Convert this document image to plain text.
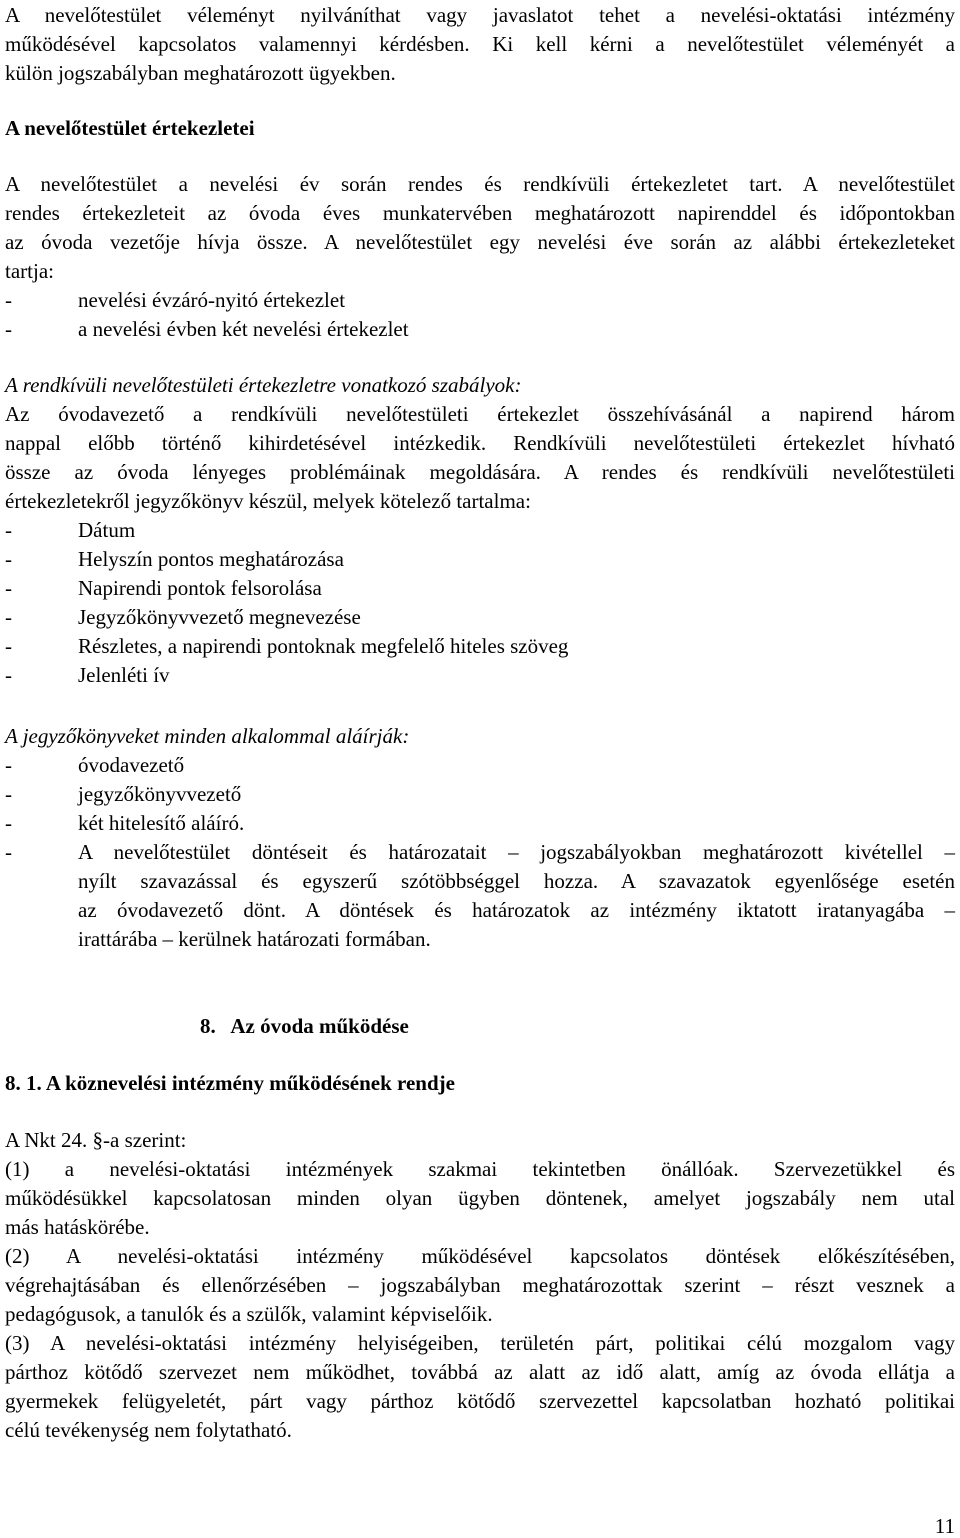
A nevelőtestület véleményt nyilváníthat vagy javaslatot tehet a nevelési-oktatási intézmény

működésével kapcsolatos valamennyi kérdésben. Ki kell kérni a nevelőtestület véleményét a

külön jogszabályban meghatározott ügyekben.

A nevelőtestület értekezletei

A nevelőtestület a nevelési év során rendes és rendkívüli értekezletet tart. A nevelőtestület

rendes értekezleteit az óvoda éves munkatervében meghatározott napirenddel és időpontokban

az óvoda vezetője hívja össze. A nevelőtestület egy nevelési éve során az alábbi értekezleteket

tartja:

- nevelési évzáró-nyitó értekezlet

- a nevelési évben két nevelési értekezlet

A rendkívüli nevelőtestületi értekezletre vonatkozó szabályok:

Az óvodavezető a rendkívüli nevelőtestületi értekezlet összehívásánál a napirend három

nappal előbb történő kihirdetésével intézkedik. Rendkívüli nevelőtestületi értekezlet hívható

össze az óvoda lényeges problémáinak megoldására. A rendes és rendkívüli nevelőtestületi

értekezletekről jegyzőkönyv készül, melyek kötelező tartalma:

- Dátum

- Helyszín pontos meghatározása

- Napirendi pontok felsorolása

- Jegyzőkönyvvezető megnevezése

- Részletes, a napirendi pontoknak megfelelő hiteles szöveg

- Jelenléti ív

A jegyzőkönyveket minden alkalommal aláírják:

- óvodavezető

- jegyzőkönyvvezető

- két hitelesítő aláíró.

- A nevelőtestület döntéseit és határozatait – jogszabályokban meghatározott kivétellel –

nyílt szavazással és egyszerű szótöbbséggel hozza. A szavazatok egyenlősége esetén

az óvodavezető dönt. A döntések és határozatok az intézmény iktatott iratanyagába –

irattárába – kerülnek határozati formában.

8.   Az óvoda működése

8. 1. A köznevelési intézmény működésének rendje

A Nkt 24. §-a szerint:

(1) a nevelési-oktatási intézmények szakmai tekintetben önállóak. Szervezetükkel és

működésükkel kapcsolatosan minden olyan ügyben döntenek, amelyet jogszabály nem utal

más hatáskörébe.

(2) A nevelési-oktatási intézmény működésével kapcsolatos döntések előkészítésében,

végrehajtásában és ellenőrzésében – jogszabályban meghatározottak szerint – részt vesznek a

pedagógusok, a tanulók és a szülők, valamint képviselőik.

(3) A nevelési-oktatási intézmény helyiségeiben, területén párt, politikai célú mozgalom vagy

párthoz kötődő szervezet nem működhet, továbbá az alatt az idő alatt, amíg az óvoda ellátja a

gyermekek felügyeletét, párt vagy párthoz kötődő szervezettel kapcsolatban hozható politikai

célú tevékenység nem folytatható.

11
